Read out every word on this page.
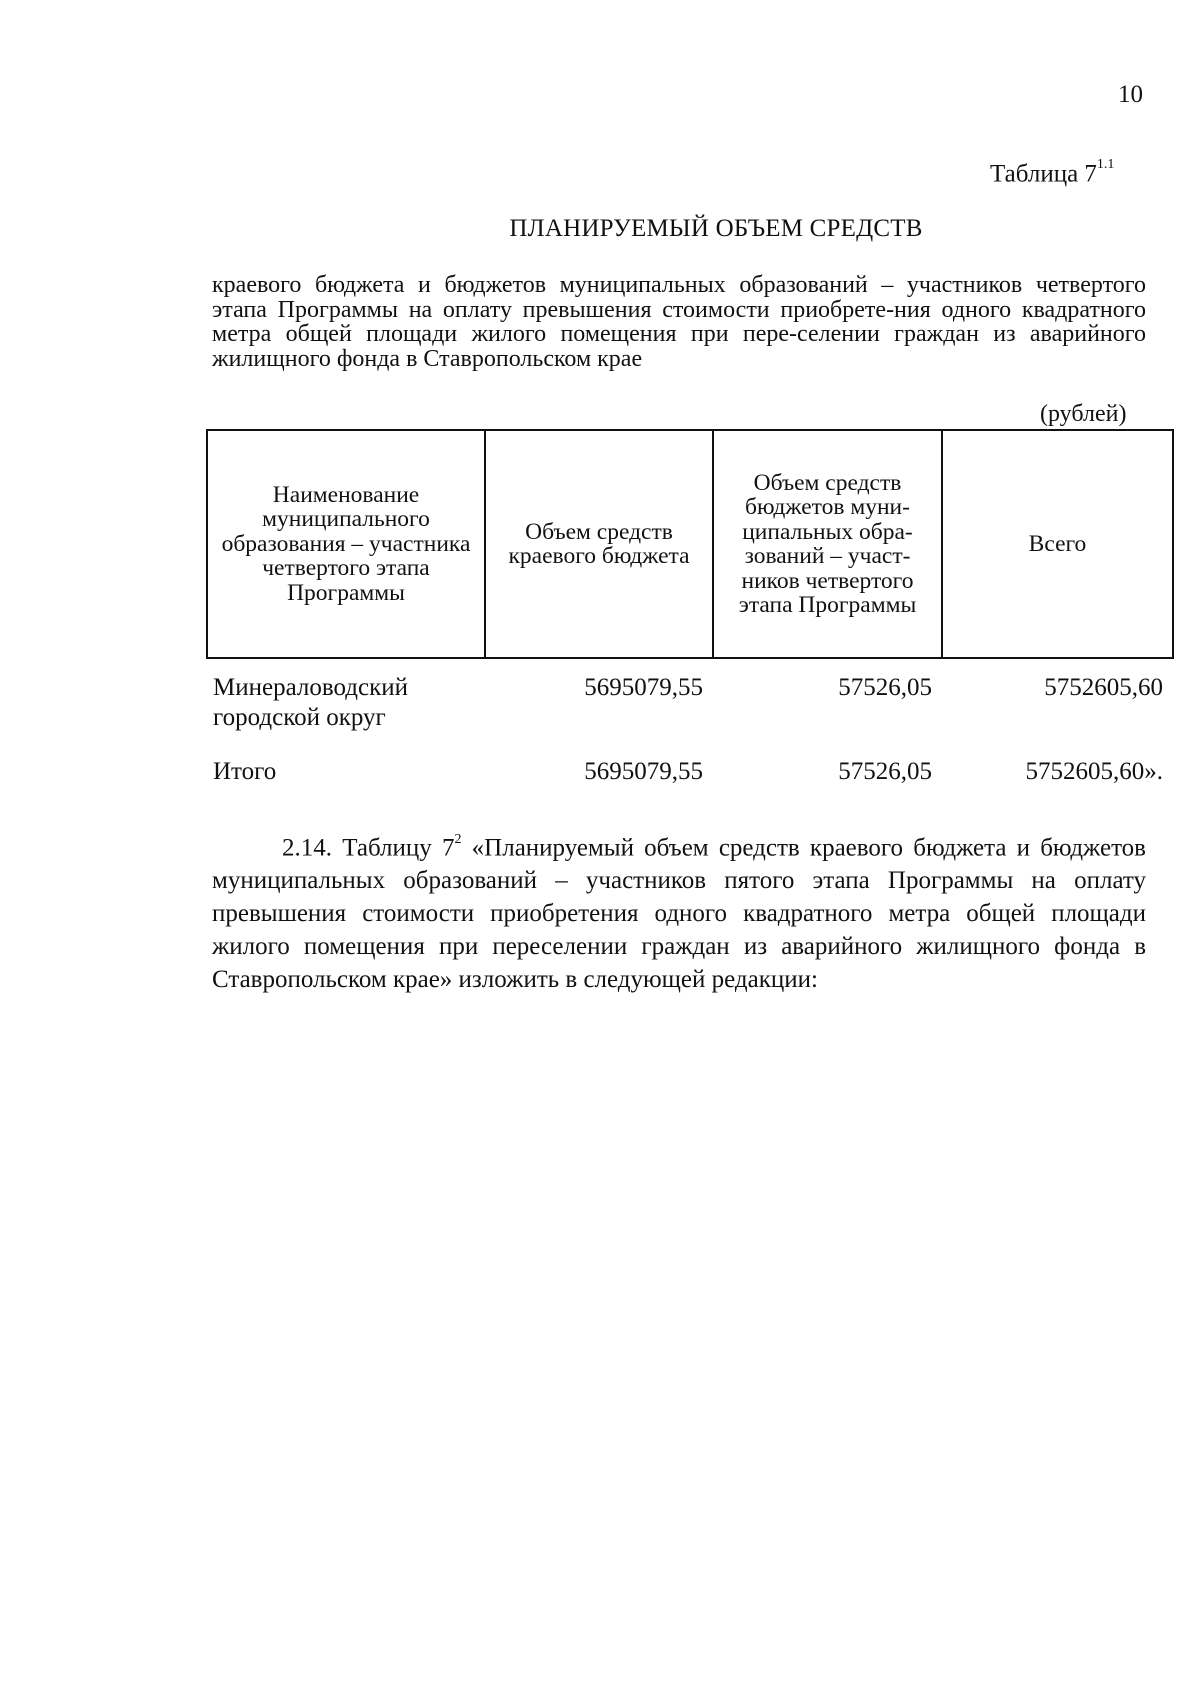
10
Таблица $7^{1.1}$
ПЛАНИРУЕМЫЙ ОБЪЕМ СРЕДСТВ
краевого бюджета и бюджетов муниципальных образований – участников четвертого этапа Программы на оплату превышения стоимости приобрете-ния одного квадратного метра общей площади жилого помещения при пере-селении граждан из аварийного жилищного фонда в Ставропольском крае
(рублей)
Наименование муниципального образования – участника четвертого этапа Программы	Объем средств краевого бюджета	Объем средств бюджетов муни-ципальных обра-зований – участ-ников четвертого этапа Программы	Всего
Минераловодский городской округ	5695079,55	57526,05	5752605,60
Итого	5695079,55	57526,05	5752605,60».
2.14. Таблицу $7^2$ «Планируемый объем средств краевого бюджета и бюджетов муниципальных образований – участников пятого этапа Программы на оплату превышения стоимости приобретения одного квадратного метра общей площади жилого помещения при переселении граждан из аварийного жилищного фонда в Ставропольском крае» изложить в следующей редакции:
